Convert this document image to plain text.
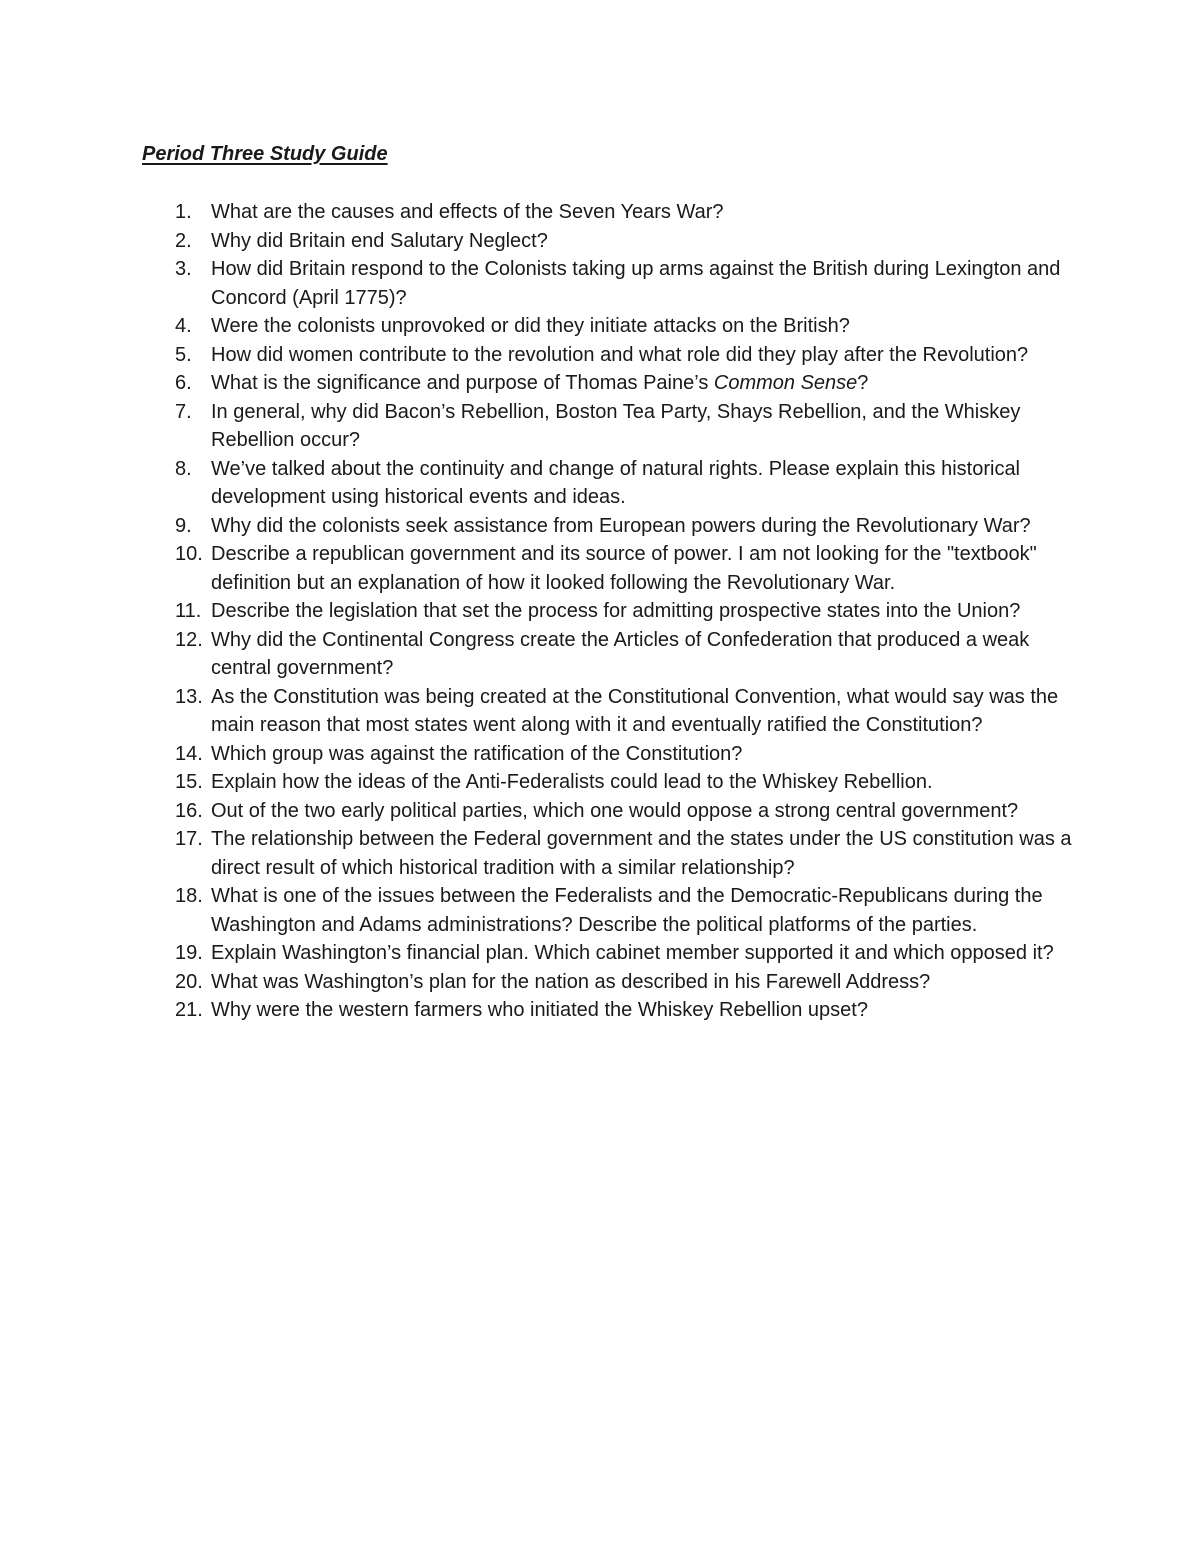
Period Three Study Guide
1. What are the causes and effects of the Seven Years War?
2. Why did Britain end Salutary Neglect?
3. How did Britain respond to the Colonists taking up arms against the British during Lexington and Concord (April 1775)?
4. Were the colonists unprovoked or did they initiate attacks on the British?
5. How did women contribute to the revolution and what role did they play after the Revolution?
6. What is the significance and purpose of Thomas Paine’s Common Sense?
7. In general, why did Bacon’s Rebellion, Boston Tea Party, Shays Rebellion, and the Whiskey Rebellion occur?
8. We’ve talked about the continuity and change of natural rights. Please explain this historical development using historical events and ideas.
9. Why did the colonists seek assistance from European powers during the Revolutionary War?
10. Describe a republican government and its source of power. I am not looking for the "textbook" definition but an explanation of how it looked following the Revolutionary War.
11. Describe the legislation that set the process for admitting prospective states into the Union?
12. Why did the Continental Congress create the Articles of Confederation that produced a weak central government?
13. As the Constitution was being created at the Constitutional Convention, what would say was the main reason that most states went along with it and eventually ratified the Constitution?
14. Which group was against the ratification of the Constitution?
15. Explain how the ideas of the Anti-Federalists could lead to the Whiskey Rebellion.
16. Out of the two early political parties, which one would oppose a strong central government?
17. The relationship between the Federal government and the states under the US constitution was a direct result of which historical tradition with a similar relationship?
18. What is one of the issues between the Federalists and the Democratic-Republicans during the Washington and Adams administrations? Describe the political platforms of the parties.
19. Explain Washington’s financial plan. Which cabinet member supported it and which opposed it?
20. What was Washington’s plan for the nation as described in his Farewell Address?
21. Why were the western farmers who initiated the Whiskey Rebellion upset?
